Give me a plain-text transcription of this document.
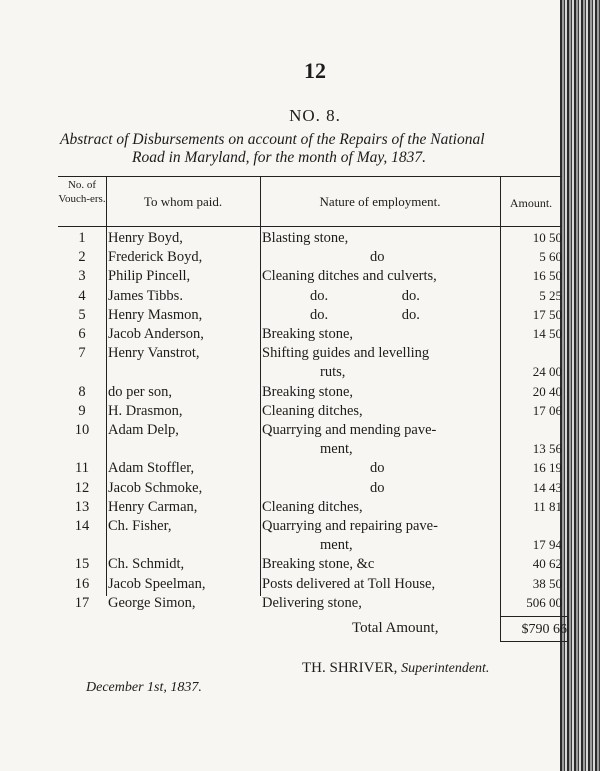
12
NO. 8.
Abstract of Disbursements on account of the Repairs of the National
Road in Maryland, for the month of May, 1837.
No. of Vouch-ers.	To whom paid.	Nature of employment.	Amount.
1	Henry Boyd,	Blasting stone,	10 50
2	Frederick Boyd,	do	5 60
3	Philip Pincell,	Cleaning ditches and culverts,	16 50
4	James Tibbs.	do. do.	5 25
5	Henry Masmon,	do. do.	17 50
6	Jacob Anderson,	Breaking stone,	14 50
7	Henry Vanstrot,	Shifting guides and levelling
ruts,	24 00
8	do per son,	Breaking stone,	20 40
9	H. Drasmon,	Cleaning ditches,	17 06
10	Adam Delp,	Quarrying and mending pave-
ment,	13 56
11	Adam Stoffler,	do	16 19
12	Jacob Schmoke,	do	14 43
13	Henry Carman,	Cleaning ditches,	11 81
14	Ch. Fisher,	Quarrying and repairing pave-
ment,	17 94
15	Ch. Schmidt,	Breaking stone, &c	40 62
16	Jacob Speelman,	Posts delivered at Toll House,	38 50
17	George Simon,	Delivering stone,	506 00
Total Amount,	$790 66
TH. SHRIVER, Superintendent.
December 1st, 1837.
